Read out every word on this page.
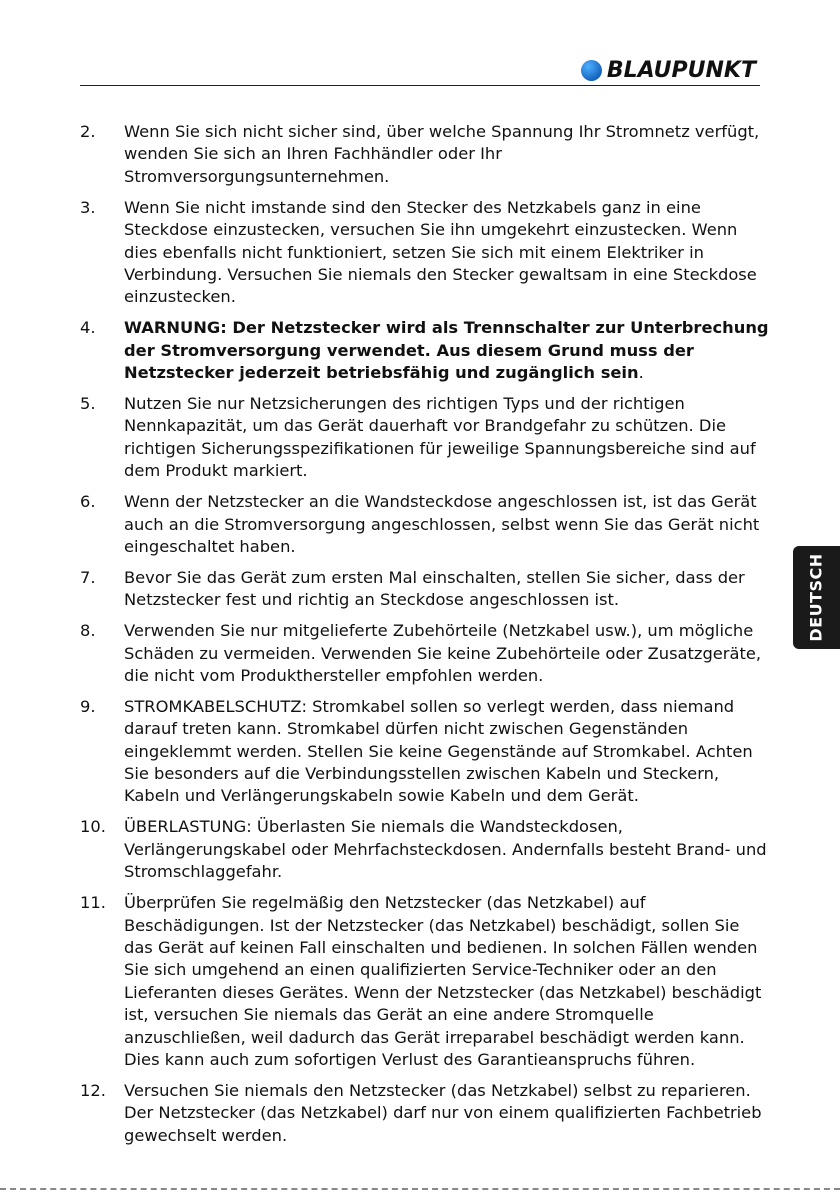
BLAUPUNKT
2.	Wenn Sie sich nicht sicher sind, über welche Spannung Ihr Stromnetz verfügt, wenden Sie sich an Ihren Fachhändler oder Ihr Stromversorgungsunternehmen.
3.	Wenn Sie nicht imstande sind den Stecker des Netzkabels ganz in eine Steckdose einzustecken, versuchen Sie ihn umgekehrt einzustecken. Wenn dies ebenfalls nicht funktioniert, setzen Sie sich mit einem Elektriker in Verbindung. Versuchen Sie niemals den Stecker gewaltsam in eine Steckdose einzustecken.
4.	WARNUNG: Der Netzstecker wird als Trennschalter zur Unterbrechung der Stromversorgung verwendet. Aus diesem Grund muss der Netzstecker jederzeit betriebsfähig und zugänglich sein.
5.	Nutzen Sie nur Netzsicherungen des richtigen Typs und der richtigen Nennkapazität, um das Gerät dauerhaft vor Brandgefahr zu schützen. Die richtigen Sicherungsspezifikationen für jeweilige Spannungsbereiche sind auf dem Produkt markiert.
6.	Wenn der Netzstecker an die Wandsteckdose angeschlossen ist, ist das Gerät auch an die Stromversorgung angeschlossen, selbst wenn Sie das Gerät nicht eingeschaltet haben.
7.	Bevor Sie das Gerät zum ersten Mal einschalten, stellen Sie sicher, dass der Netzstecker fest und richtig an Steckdose angeschlossen ist.
8.	Verwenden Sie nur mitgelieferte Zubehörteile (Netzkabel usw.), um mögliche Schäden zu vermeiden. Verwenden Sie keine Zubehörteile oder Zusatzgeräte, die nicht vom Produkthersteller empfohlen werden.
9.	STROMKABELSCHUTZ: Stromkabel sollen so verlegt werden, dass niemand darauf treten kann. Stromkabel dürfen nicht zwischen Gegenständen eingeklemmt werden. Stellen Sie keine Gegenstände auf Stromkabel. Achten Sie besonders auf die Verbindungsstellen zwischen Kabeln und Steckern, Kabeln und Verlängerungskabeln sowie Kabeln und dem Gerät.
10.	ÜBERLASTUNG: Überlasten Sie niemals die Wandsteckdosen, Verlängerungskabel oder Mehrfachsteckdosen. Andernfalls besteht Brand- und Stromschlaggefahr.
11.	Überprüfen Sie regelmäßig den Netzstecker (das Netzkabel) auf Beschädigungen. Ist der Netzstecker (das Netzkabel) beschädigt, sollen Sie das Gerät auf keinen Fall einschalten und bedienen. In solchen Fällen wenden Sie sich umgehend an einen qualifizierten Service-Techniker oder an den Lieferanten dieses Gerätes. Wenn der Netzstecker (das Netzkabel) beschädigt ist, versuchen Sie niemals das Gerät an eine andere Stromquelle anzuschließen, weil dadurch das Gerät irreparabel beschädigt werden kann. Dies kann auch zum sofortigen Verlust des Garantieanspruchs führen.
12.	Versuchen Sie niemals den Netzstecker (das Netzkabel) selbst zu reparieren. Der Netzstecker (das Netzkabel) darf nur von einem qualifizierten Fachbetrieb gewechselt werden.
DEUTSCH
